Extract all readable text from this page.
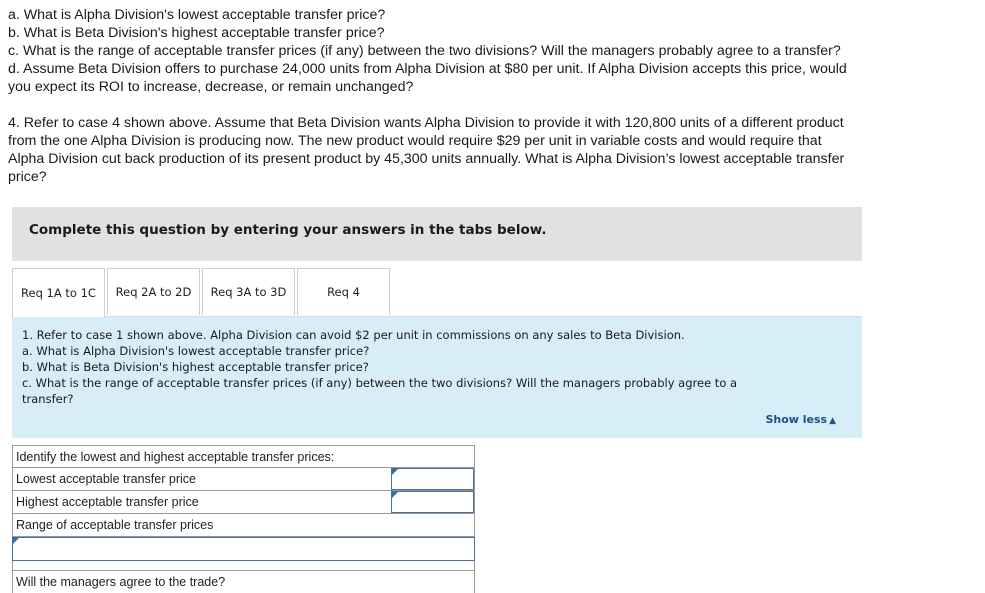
a. What is Alpha Division's lowest acceptable transfer price?

b. What is Beta Division's highest acceptable transfer price?

c. What is the range of acceptable transfer prices (if any) between the two divisions? Will the managers probably agree to a transfer?

d. Assume Beta Division offers to purchase 24,000 units from Alpha Division at $80 per unit. If Alpha Division accepts this price, would

you expect its ROI to increase, decrease, or remain unchanged?

4. Refer to case 4 shown above. Assume that Beta Division wants Alpha Division to provide it with 120,800 units of a different product

from the one Alpha Division is producing now. The new product would require $29 per unit in variable costs and would require that

Alpha Division cut back production of its present product by 45,300 units annually. What is Alpha Division’s lowest acceptable transfer

price?

Complete this question by entering your answers in the tabs below.
Req 1A to 1C Req 2A to 2D Req 3A to 3D	Req 4

1. Refer to case 1 shown above. Alpha Division can avoid $2 per unit in commissions on any sales to Beta Division.

a. What is Alpha Division's lowest acceptable transfer price?

b. What is Beta Division's highest acceptable transfer price?

c. What is the range of acceptable transfer prices (if any) between the two divisions? Will the managers probably agree to a

transfer?

Show less ▲
Identify the lowest and highest acceptable transfer prices:
Lowest acceptable transfer price
Highest acceptable transfer price
Range of acceptable transfer prices
Will the managers agree to the trade?
